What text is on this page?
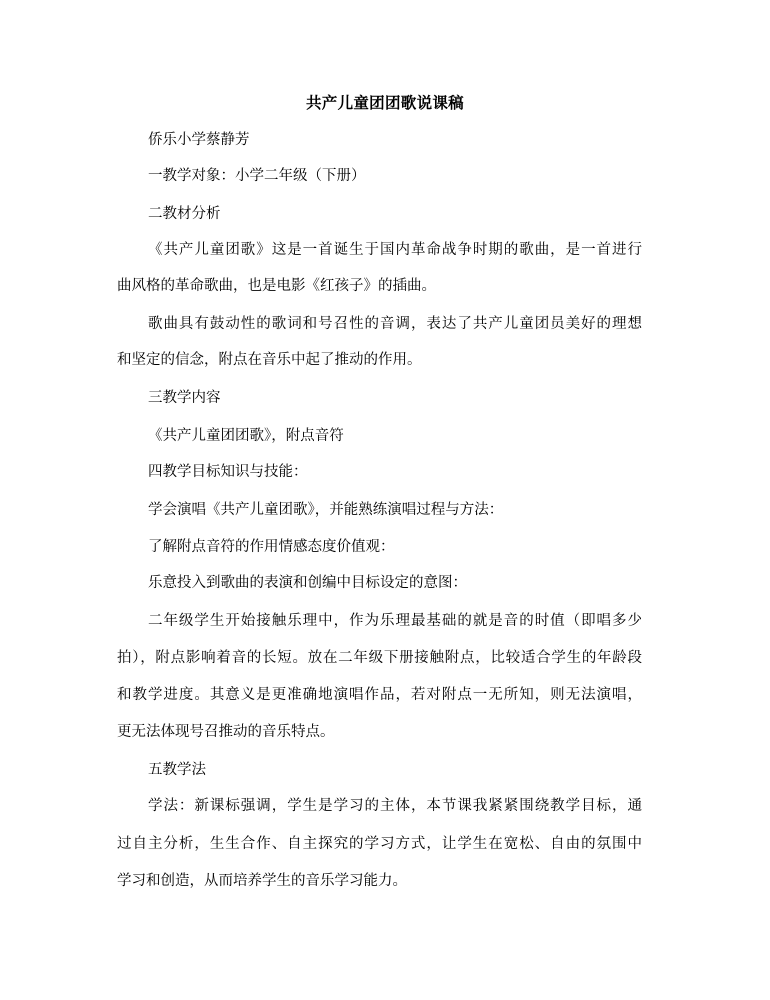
共产儿童团团歌说课稿
侨乐小学蔡静芳
一教学对象：小学二年级（下册）
二教材分析
《共产儿童团歌》这是一首诞生于国内革命战争时期的歌曲，是一首进行
曲风格的革命歌曲，也是电影《红孩子》的插曲。
歌曲具有鼓动性的歌词和号召性的音调，表达了共产儿童团员美好的理想
和坚定的信念，附点在音乐中起了推动的作用。
三教学内容
《共产儿童团团歌》，附点音符
四教学目标知识与技能：
学会演唱《共产儿童团歌》，并能熟练演唱过程与方法：
了解附点音符的作用情感态度价值观：
乐意投入到歌曲的表演和创编中目标设定的意图：
二年级学生开始接触乐理中，作为乐理最基础的就是音的时值（即唱多少
拍），附点影响着音的长短。放在二年级下册接触附点，比较适合学生的年龄段
和教学进度。其意义是更准确地演唱作品，若对附点一无所知，则无法演唱，
更无法体现号召推动的音乐特点。
五教学法
学法：新课标强调，学生是学习的主体，本节课我紧紧围绕教学目标，通
过自主分析，生生合作、自主探究的学习方式，让学生在宽松、自由的氛围中
学习和创造，从而培养学生的音乐学习能力。
